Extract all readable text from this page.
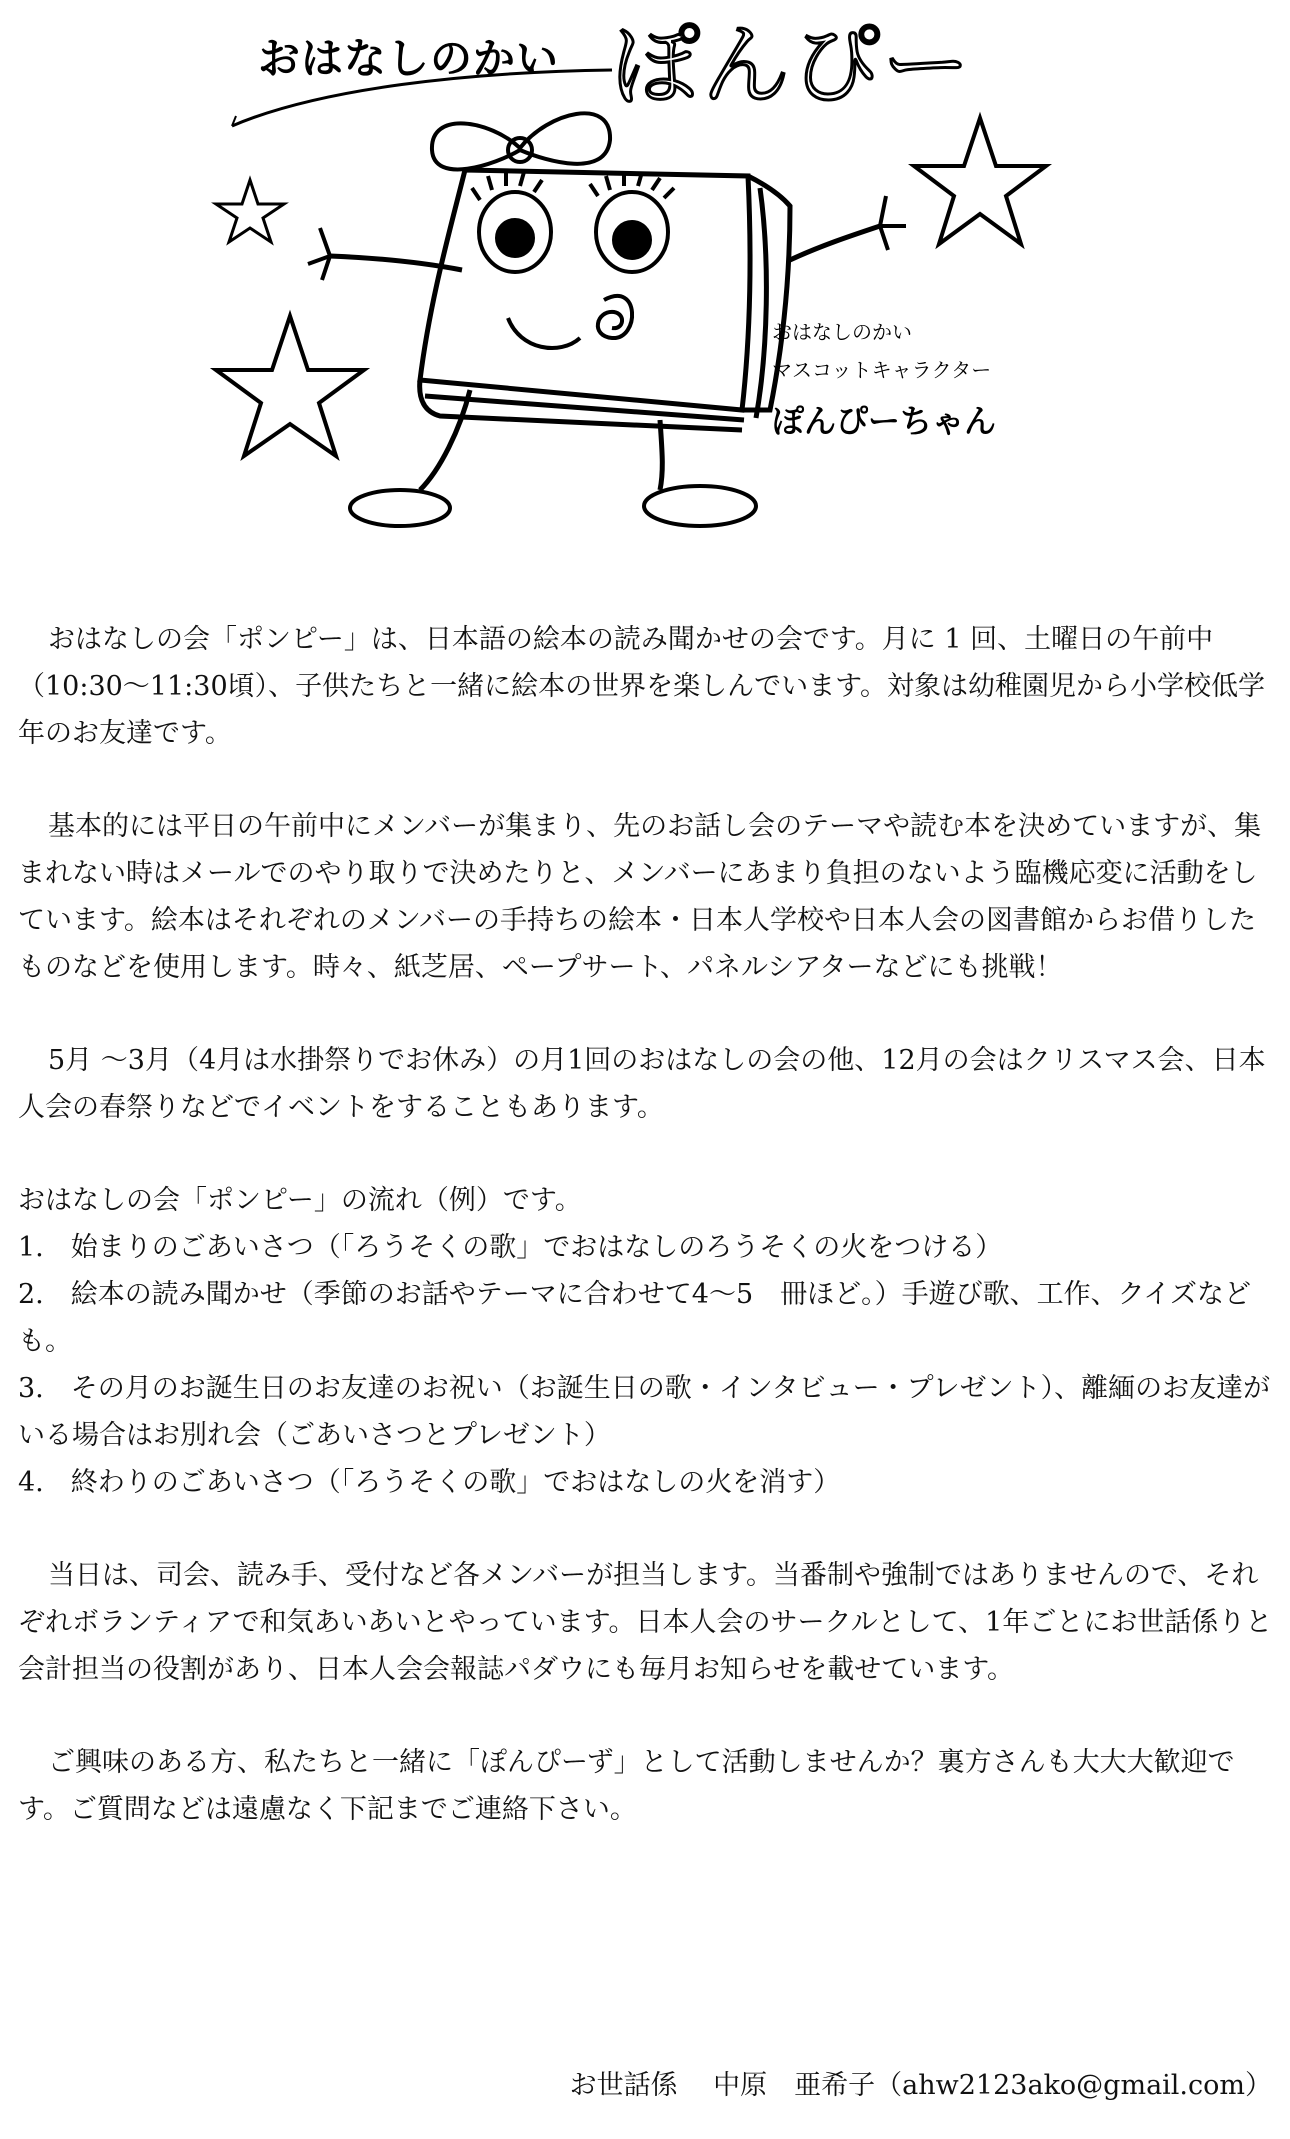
おはなしのかい ぽんぴー
おはなしのかい
マスコットキャラクター
ぽんぴーちゃん

おはなしの会「ポンピー」は、日本語の絵本の読み聞かせの会です。月に 1 回、土曜日の午前中（10:30〜11:30頃）、子供たちと一緒に絵本の世界を楽しんでいます。対象は幼稚園児から小学校低学年のお友達です。

基本的には平日の午前中にメンバーが集まり、先のお話し会のテーマや読む本を決めていますが、集まれない時はメールでのやり取りで決めたりと、メンバーにあまり負担のないよう臨機応変に活動をしています。絵本はそれぞれのメンバーの手持ちの絵本・日本人学校や日本人会の図書館からお借りしたものなどを使用します。時々、紙芝居、ペープサート、パネルシアターなどにも挑戦！

5月 〜3月（4月は水掛祭りでお休み）の月1回のおはなしの会の他、12月の会はクリスマス会、日本人会の春祭りなどでイベントをすることもあります。

おはなしの会「ポンピー」の流れ（例）です。
1.　始まりのごあいさつ（「ろうそくの歌」でおはなしのろうそくの火をつける）
2.　絵本の読み聞かせ（季節のお話やテーマに合わせて4〜5　冊ほど。）手遊び歌、工作、クイズなども。
3.　その月のお誕生日のお友達のお祝い（お誕生日の歌・インタビュー・プレゼント）、離緬のお友達がいる場合はお別れ会（ごあいさつとプレゼント）
4.　終わりのごあいさつ（「ろうそくの歌」でおはなしの火を消す）

当日は、司会、読み手、受付など各メンバーが担当します。当番制や強制ではありませんので、それぞれボランティアで和気あいあいとやっています。日本人会のサークルとして、1年ごとにお世話係りと会計担当の役割があり、日本人会会報誌パダウにも毎月お知らせを載せています。

ご興味のある方、私たちと一緒に「ぽんぴーず」として活動しませんか？裏方さんも大大大歓迎です。ご質問などは遠慮なく下記までご連絡下さい。

お世話係　 中原　亜希子（ahw2123ako@gmail.com）
